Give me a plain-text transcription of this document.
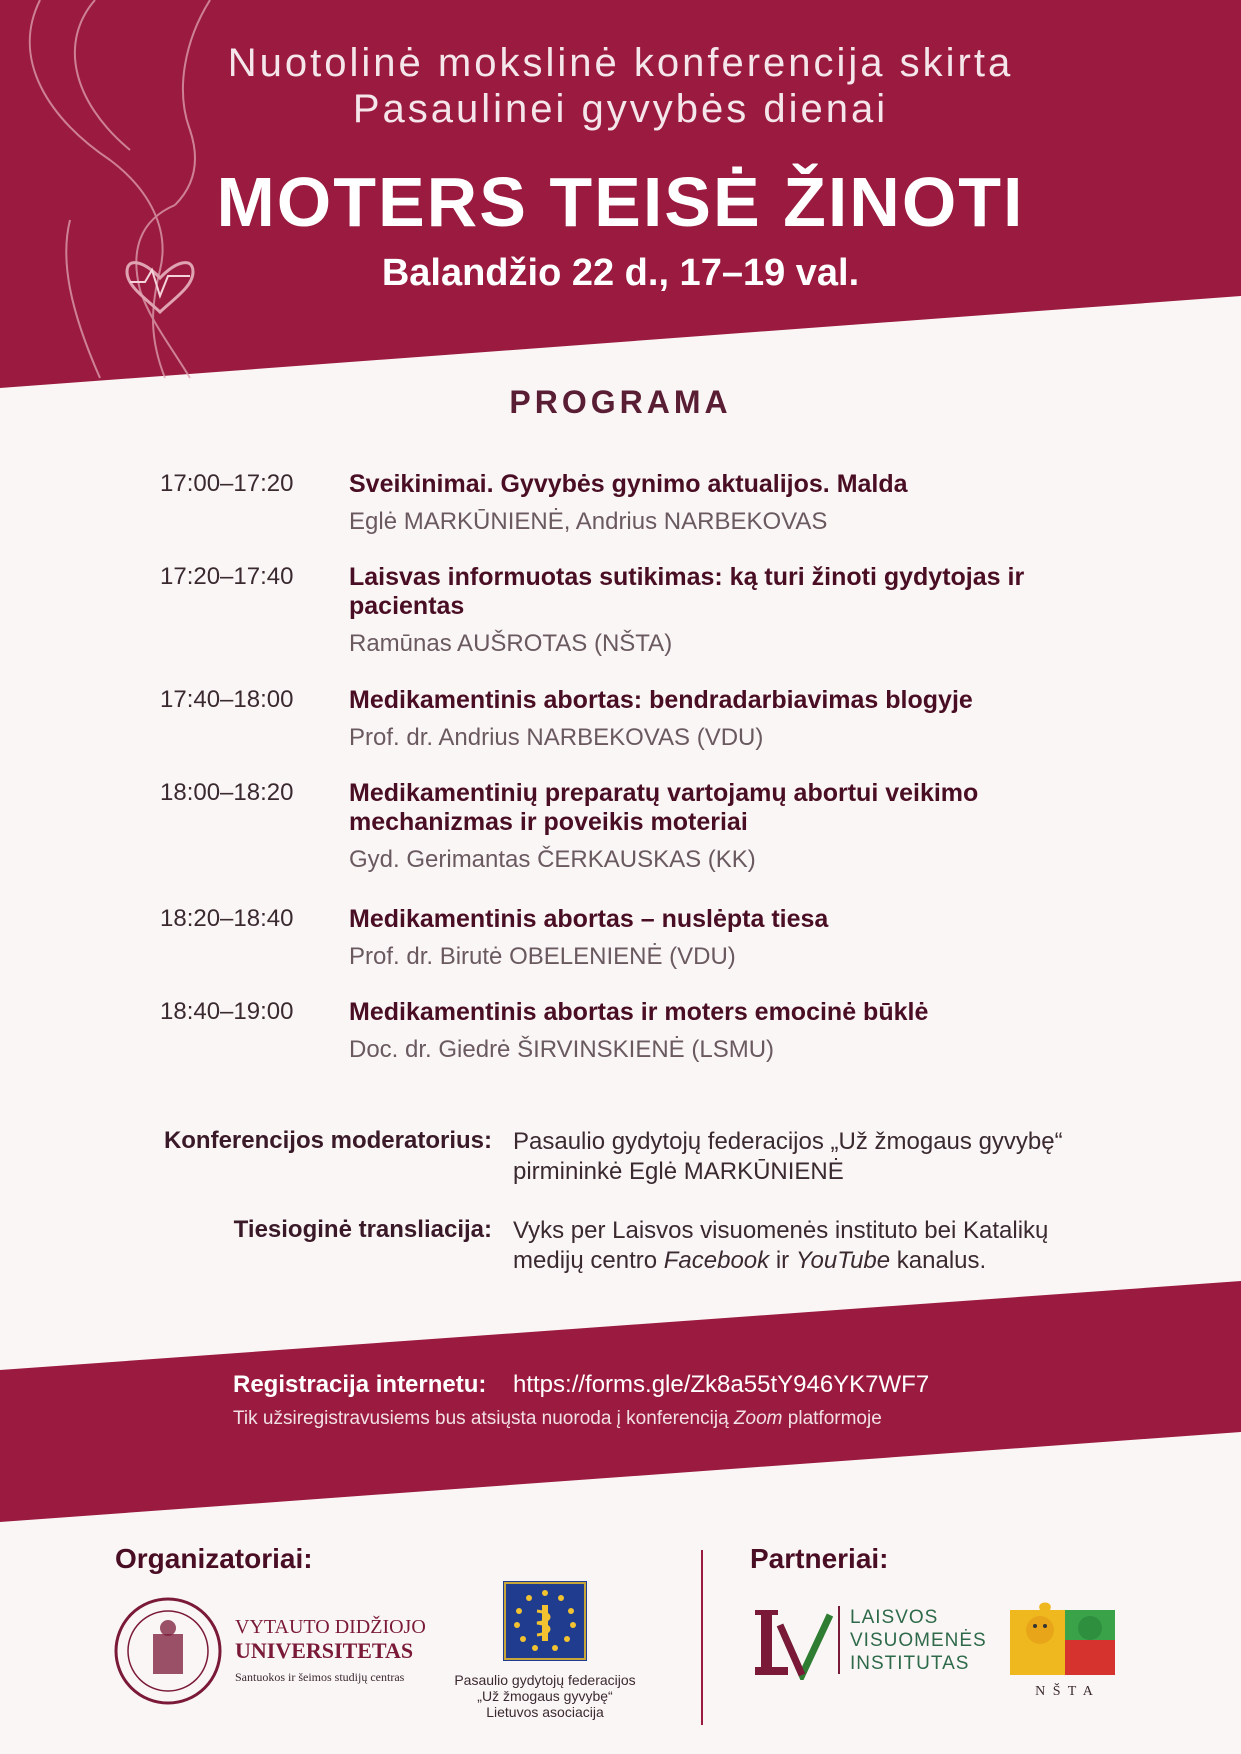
Nuotolinė mokslinė konferencija skirta
Pasaulinei gyvybės dienai
MOTERS TEISĖ ŽINOTI
Balandžio 22 d., 17–19 val.
PROGRAMA
17:00–17:20 Sveikinimai. Gyvybės gynimo aktualijos. Malda
Eglė MARKŪNIENĖ, Andrius NARBEKOVAS
17:20–17:40 Laisvas informuotas sutikimas: ką turi žinoti gydytojas ir pacientas
Ramūnas AUŠROTAS (NŠTA)
17:40–18:00 Medikamentinis abortas: bendradarbiavimas blogyje
Prof. dr. Andrius NARBEKOVAS (VDU)
18:00–18:20 Medikamentinių preparatų vartojamų abortui veikimo mechanizmas ir poveikis moteriai
Gyd. Gerimantas ČERKAUSKAS (KK)
18:20–18:40 Medikamentinis abortas – nuslėpta tiesa
Prof. dr. Birutė OBELENIENĖ (VDU)
18:40–19:00 Medikamentinis abortas ir moters emocinė būklė
Doc. dr. Giedrė ŠIRVINSKIENĖ (LSMU)
Konferencijos moderatorius: Pasaulio gydytojų federacijos „Už žmogaus gyvybę“
pirmininkė Eglė MARKŪNIENĖ
Tiesioginė transliacija: Vyks per Laisvos visuomenės instituto bei Katalikų
medijų centro Facebook ir YouTube kanalus.
Registracija internetu: https://forms.gle/Zk8a55tY946YK7WF7
Tik užsiregistravusiems bus atsiųsta nuoroda į konferenciją Zoom platformoje
Organizatoriai:
VYTAUTO DIDŽIOJO
UNIVERSITETAS
Santuokos ir šeimos studijų centras	Pasaulio gydytojų federacijos
„Už žmogaus gyvybę“
Lietuvos asociacija
Partneriai:
LAISVOS
VISUOMENĖS
INSTITUTAS
N Š T A
